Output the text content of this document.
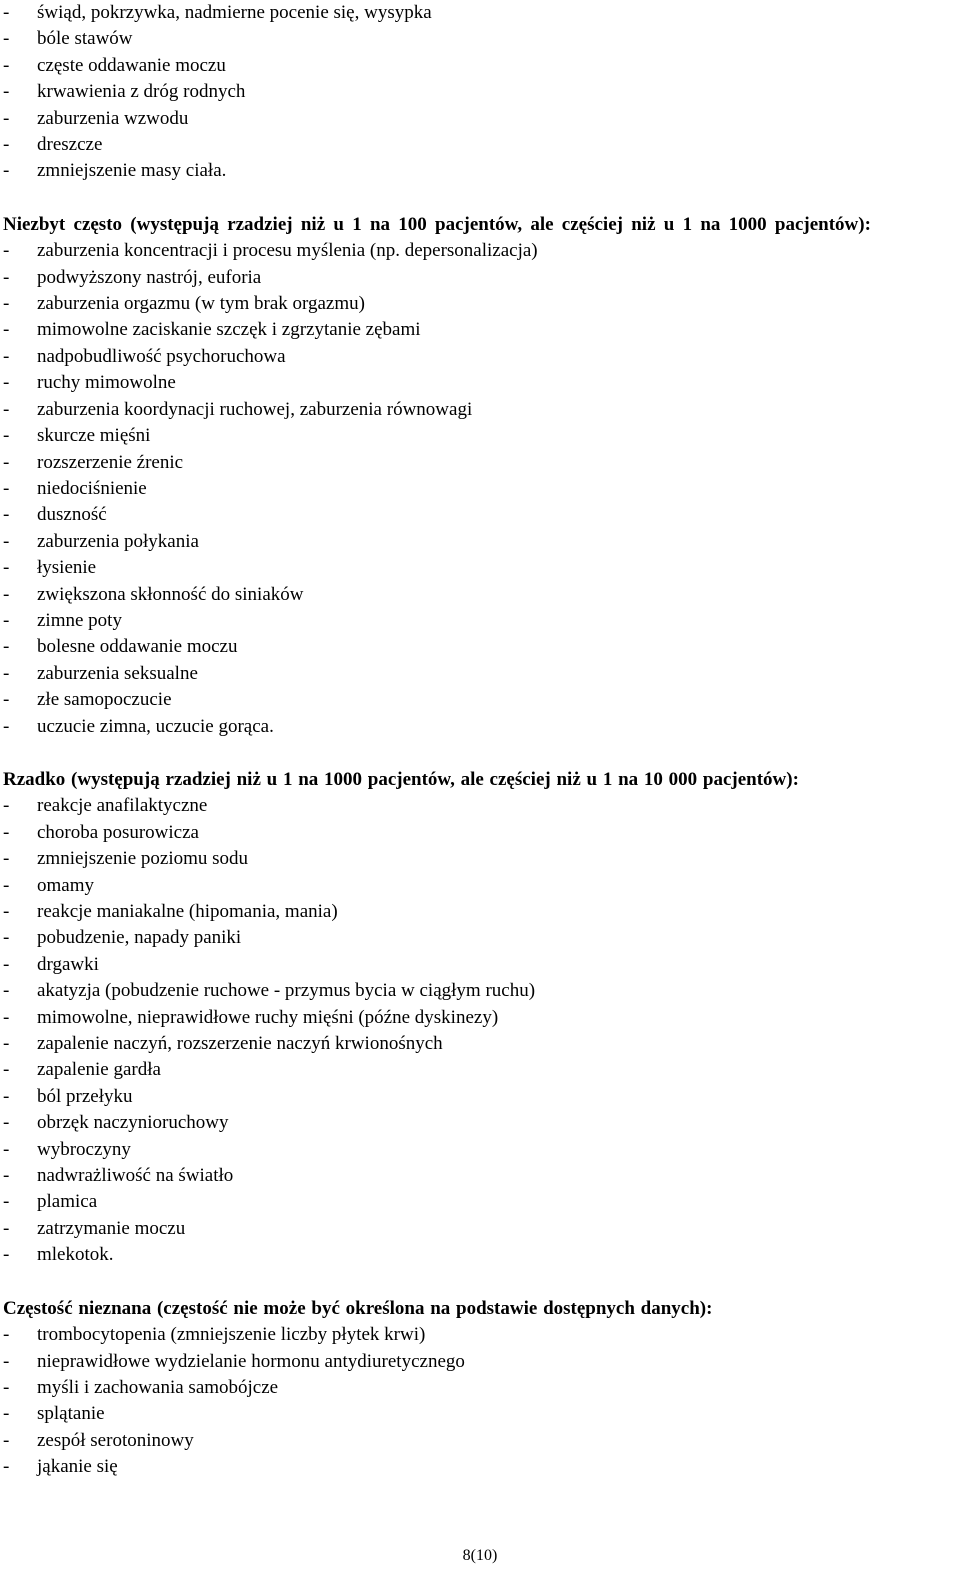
- świąd, pokrzywka, nadmierne pocenie się, wysypka
- bóle stawów
- częste oddawanie moczu
- krwawienia z dróg rodnych
- zaburzenia wzwodu
- dreszcze
- zmniejszenie masy ciała.

Niezbyt często (występują rzadziej niż u 1 na 100 pacjentów, ale częściej niż u 1 na 1000 pacjentów):

- zaburzenia koncentracji i procesu myślenia (np. depersonalizacja)
- podwyższony nastrój, euforia
- zaburzenia orgazmu (w tym brak orgazmu)
- mimowolne zaciskanie szczęk i zgrzytanie zębami
- nadpobudliwość psychoruchowa
- ruchy mimowolne
- zaburzenia koordynacji ruchowej, zaburzenia równowagi
- skurcze mięśni
- rozszerzenie źrenic
- niedociśnienie
- duszność
- zaburzenia połykania
- łysienie
- zwiększona skłonność do siniaków
- zimne poty
- bolesne oddawanie moczu
- zaburzenia seksualne
- złe samopoczucie
- uczucie zimna, uczucie gorąca.

Rzadko (występują rzadziej niż u 1 na 1000 pacjentów, ale częściej niż u 1 na 10 000 pacjentów):

- reakcje anafilaktyczne
- choroba posurowicza
- zmniejszenie poziomu sodu
- omamy
- reakcje maniakalne (hipomania, mania)
- pobudzenie, napady paniki
- drgawki
- akatyzja (pobudzenie ruchowe - przymus bycia w ciągłym ruchu)
- mimowolne, nieprawidłowe ruchy mięśni (późne dyskinezy)
- zapalenie naczyń, rozszerzenie naczyń krwionośnych
- zapalenie gardła
- ból przełyku
- obrzęk naczynioruchowy
- wybroczyny
- nadwrażliwość na światło
- plamica
- zatrzymanie moczu
- mlekotok.

Częstość nieznana (częstość nie może być określona na podstawie dostępnych danych):

- trombocytopenia (zmniejszenie liczby płytek krwi)
- nieprawidłowe wydzielanie hormonu antydiuretycznego
- myśli i zachowania samobójcze
- splątanie
- zespół serotoninowy
- jąkanie się
8(10)
